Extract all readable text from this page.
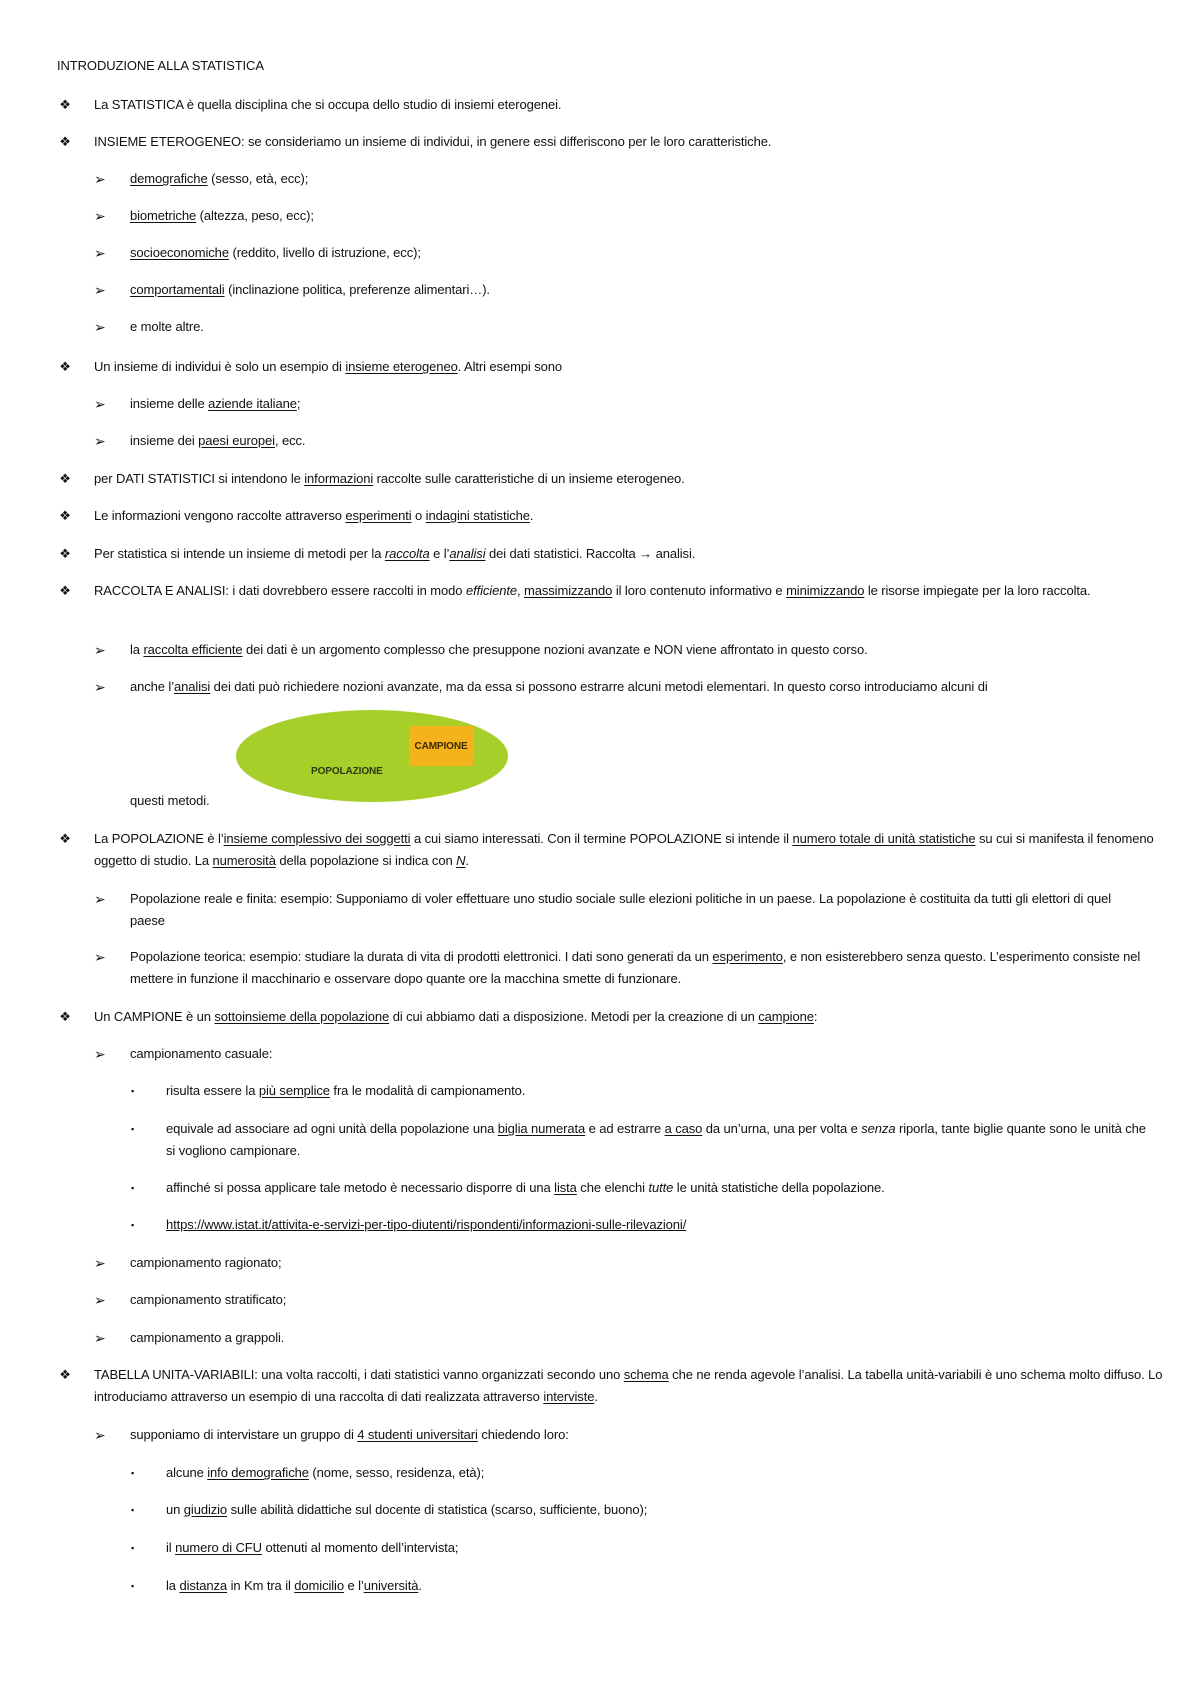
INTRODUZIONE ALLA STATISTICA
❖ La STATISTICA è quella disciplina che si occupa dello studio di insiemi eterogenei.
❖ INSIEME ETEROGENEO: se consideriamo un insieme di individui, in genere essi differiscono per le loro caratteristiche.
➢ demografiche (sesso, età, ecc);
➢ biometriche (altezza, peso, ecc);
➢ socioeconomiche (reddito, livello di istruzione, ecc);
➢ comportamentali (inclinazione politica, preferenze alimentari…).
➢ e molte altre.
❖ Un insieme di individui è solo un esempio di insieme eterogeneo. Altri esempi sono
➢ insieme delle aziende italiane;
➢ insieme dei paesi europei, ecc.
❖ per DATI STATISTICI si intendono le informazioni raccolte sulle caratteristiche di un insieme eterogeneo.
❖ Le informazioni vengono raccolte attraverso esperimenti o indagini statistiche.
❖ Per statistica si intende un insieme di metodi per la raccolta e l’analisi dei dati statistici. Raccolta → analisi.
❖ RACCOLTA E ANALISI: i dati dovrebbero essere raccolti in modo efficiente, massimizzando il loro contenuto informativo e minimizzando le risorse impiegate per la loro raccolta.
➢ la raccolta efficiente dei dati è un argomento complesso che presuppone nozioni avanzate e NON viene affrontato in questo corso.
➢ anche l’analisi dei dati può richiedere nozioni avanzate, ma da essa si possono estrarre alcuni metodi elementari. In questo corso introduciamo alcuni di
POPOLAZIONE
CAMPIONE
questi metodi.
❖ La POPOLAZIONE è l’insieme complessivo dei soggetti a cui siamo interessati. Con il termine POPOLAZIONE si intende il numero totale di unità statistiche su cui si manifesta il fenomeno oggetto di studio. La numerosità della popolazione si indica con N.
➢ Popolazione reale e finita: esempio: Supponiamo di voler effettuare uno studio sociale sulle elezioni politiche in un paese. La popolazione è costituita da tutti gli elettori di quel paese
➢ Popolazione teorica: esempio: studiare la durata di vita di prodotti elettronici. I dati sono generati da un esperimento, e non esisterebbero senza questo. L’esperimento consiste nel mettere in funzione il macchinario e osservare dopo quante ore la macchina smette di funzionare.
❖ Un CAMPIONE è un sottoinsieme della popolazione di cui abbiamo dati a disposizione. Metodi per la creazione di un campione:
➢ campionamento casuale:
▪ risulta essere la più semplice fra le modalità di campionamento.
▪ equivale ad associare ad ogni unità della popolazione una biglia numerata e ad estrarre a caso da un’urna, una per volta e senza riporla, tante biglie quante sono le unità che si vogliono campionare.
▪ affinché si possa applicare tale metodo è necessario disporre di una lista che elenchi tutte le unità statistiche della popolazione.
▪ https://www.istat.it/attivita-e-servizi-per-tipo-diutenti/rispondenti/informazioni-sulle-rilevazioni/
➢ campionamento ragionato;
➢ campionamento stratificato;
➢ campionamento a grappoli.
❖ TABELLA UNITA-VARIABILI: una volta raccolti, i dati statistici vanno organizzati secondo uno schema che ne renda agevole l’analisi. La tabella unità-variabili è uno schema molto diffuso. Lo introduciamo attraverso un esempio di una raccolta di dati realizzata attraverso interviste.
➢ supponiamo di intervistare un gruppo di 4 studenti universitari chiedendo loro:
▪ alcune info demografiche (nome, sesso, residenza, età);
▪ un giudizio sulle abilità didattiche sul docente di statistica (scarso, sufficiente, buono);
▪ il numero di CFU ottenuti al momento dell’intervista;
▪ la distanza in Km tra il domicilio e l’università.
